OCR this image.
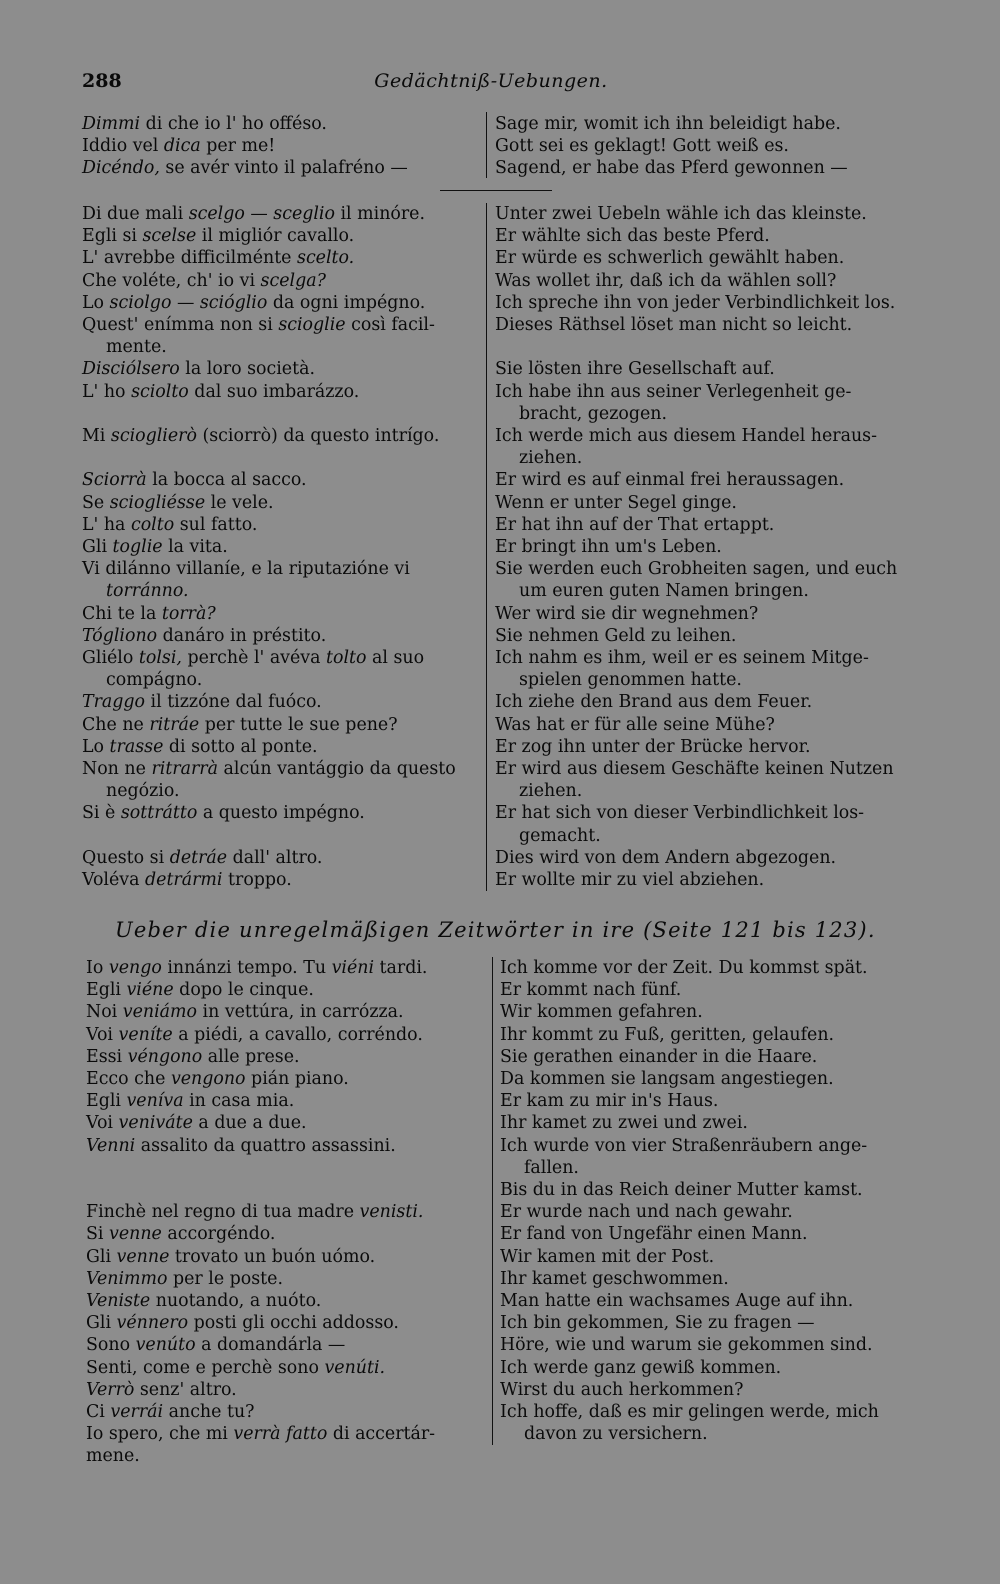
288	Gedächtniß-Uebungen.
Dimmi di che io l' ho offéso.
Iddio vel dica per me!
Dicéndo, se avér vinto il palafréno —
Sage mir, womit ich ihn beleidigt habe.
Gott sei es geklagt! Gott weiß es.
Sagend, er habe das Pferd gewonnen —
Di due mali scelgo — sceglio il minóre.
Egli si scelse il migliór cavallo.
L' avrebbe difficilménte scelto.
Che voléte, ch' io vi scelga?
Lo sciolgo — scióglio da ogni impégno.
Quest' enímma non si scioglie così facil-
mente.
Disciólsero la loro società.
L' ho sciolto dal suo imbarázzo.

Mi scioglierò (sciorrò) da questo intrígo.

Sciorrà la bocca al sacco.
Se sciogliésse le vele.
L' ha colto sul fatto.
Gli toglie la vita.
Vi dilánno villaníe, e la riputazióne vi
torránno.
Chi te la torrà?
Tógliono danáro in préstito.
Gliélo tolsi, perchè l' avéva tolto al suo
compágno.
Traggo il tizzóne dal fuóco.
Che ne ritráe per tutte le sue pene?
Lo trasse di sotto al ponte.
Non ne ritrarrà alcún vantággio da questo
negózio.
Si è sottrátto a questo impégno.

Questo si detráe dall' altro.
Voléva detrármi troppo.
Unter zwei Uebeln wähle ich das kleinste.
Er wählte sich das beste Pferd.
Er würde es schwerlich gewählt haben.
Was wollet ihr, daß ich da wählen soll?
Ich spreche ihn von jeder Verbindlichkeit los.
Dieses Räthsel löset man nicht so leicht.

Sie lösten ihre Gesellschaft auf.
Ich habe ihn aus seiner Verlegenheit ge-
bracht, gezogen.
Ich werde mich aus diesem Handel heraus-
ziehen.
Er wird es auf einmal frei heraussagen.
Wenn er unter Segel ginge.
Er hat ihn auf der That ertappt.
Er bringt ihn um's Leben.
Sie werden euch Grobheiten sagen, und euch
um euren guten Namen bringen.
Wer wird sie dir wegnehmen?
Sie nehmen Geld zu leihen.
Ich nahm es ihm, weil er es seinem Mitge-
spielen genommen hatte.
Ich ziehe den Brand aus dem Feuer.
Was hat er für alle seine Mühe?
Er zog ihn unter der Brücke hervor.
Er wird aus diesem Geschäfte keinen Nutzen
ziehen.
Er hat sich von dieser Verbindlichkeit los-
gemacht.
Dies wird von dem Andern abgezogen.
Er wollte mir zu viel abziehen.
Ueber die unregelmäßigen Zeitwörter in ire (Seite 121 bis 123).
Io vengo innánzi tempo. Tu viéni tardi.
Egli viéne dopo le cinque.
Noi veniámo in vettúra, in carrózza.
Voi veníte a piédi, a cavallo, corréndo.
Essi véngono alle prese.
Ecco che vengono pián piano.
Egli veníva in casa mia.
Voi veniváte a due a due.
Venni assalito da quattro assassini.

Finchè nel regno di tua madre venisti.
Si venne accorgéndo.
Gli venne trovato un buón uómo.
Venimmo per le poste.
Veniste nuotando, a nuóto.
Gli vénnero posti gli occhi addosso.
Sono venúto a domandárla —
Senti, come e perchè sono venúti.
Verrò senz' altro.
Ci verrái anche tu?
Io spero, che mi verrà fatto di accertár-
mene.
Ich komme vor der Zeit. Du kommst spät.
Er kommt nach fünf.
Wir kommen gefahren.
Ihr kommt zu Fuß, geritten, gelaufen.
Sie gerathen einander in die Haare.
Da kommen sie langsam angestiegen.
Er kam zu mir in's Haus.
Ihr kamet zu zwei und zwei.
Ich wurde von vier Straßenräubern ange-
fallen.
Bis du in das Reich deiner Mutter kamst.
Er wurde nach und nach gewahr.
Er fand von Ungefähr einen Mann.
Wir kamen mit der Post.
Ihr kamet geschwommen.
Man hatte ein wachsames Auge auf ihn.
Ich bin gekommen, Sie zu fragen —
Höre, wie und warum sie gekommen sind.
Ich werde ganz gewiß kommen.
Wirst du auch herkommen?
Ich hoffe, daß es mir gelingen werde, mich
davon zu versichern.
